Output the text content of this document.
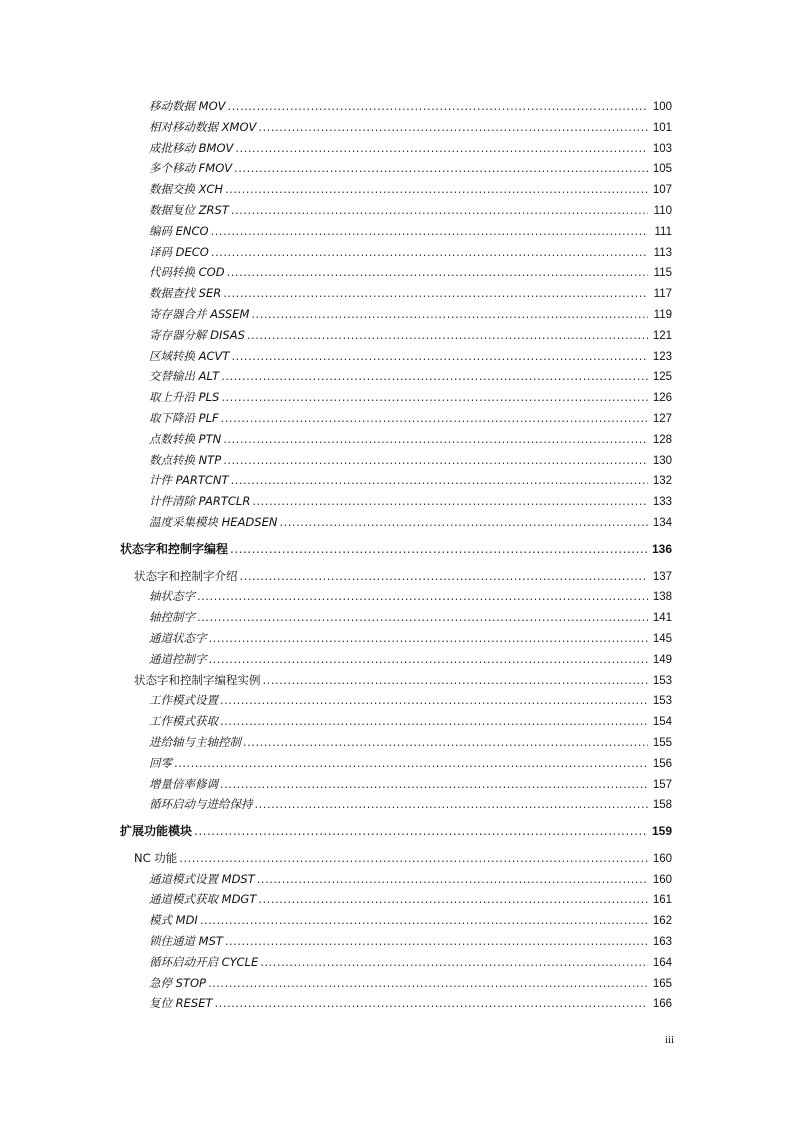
移动数据 MOV .....	100
相对移动数据 XMOV .....	101
成批移动 BMOV .....	103
多个移动 FMOV .....	105
数据交换 XCH .....	107
数据复位 ZRST .....	110
编码 ENCO .....	111
译码 DECO .....	113
代码转换 COD .....	115
数据查找 SER .....	117
寄存器合并 ASSEM .....	119
寄存器分解 DISAS .....	121
区域转换 ACVT .....	123
交替输出 ALT .....	125
取上升沿 PLS .....	126
取下降沿 PLF .....	127
点数转换 PTN .....	128
数点转换 NTP .....	130
计件 PARTCNT .....	132
计件清除 PARTCLR .....	133
温度采集模块 HEADSEN .....	134
状态字和控制字编程 .....	136
状态字和控制字介绍 .....	137
轴状态字 .....	138
轴控制字 .....	141
通道状态字 .....	145
通道控制字 .....	149
状态字和控制字编程实例 .....	153
工作模式设置 .....	153
工作模式获取 .....	154
进给轴与主轴控制 .....	155
回零 .....	156
增量倍率修调 .....	157
循环启动与进给保持 .....	158
扩展功能模块 .....	159
NC 功能 .....	160
通道模式设置 MDST .....	160
通道模式获取 MDGT .....	161
模式 MDI .....	162
锁住通道 MST .....	163
循环启动开启 CYCLE .....	164
急停 STOP .....	165
复位 RESET .....	166
iii
